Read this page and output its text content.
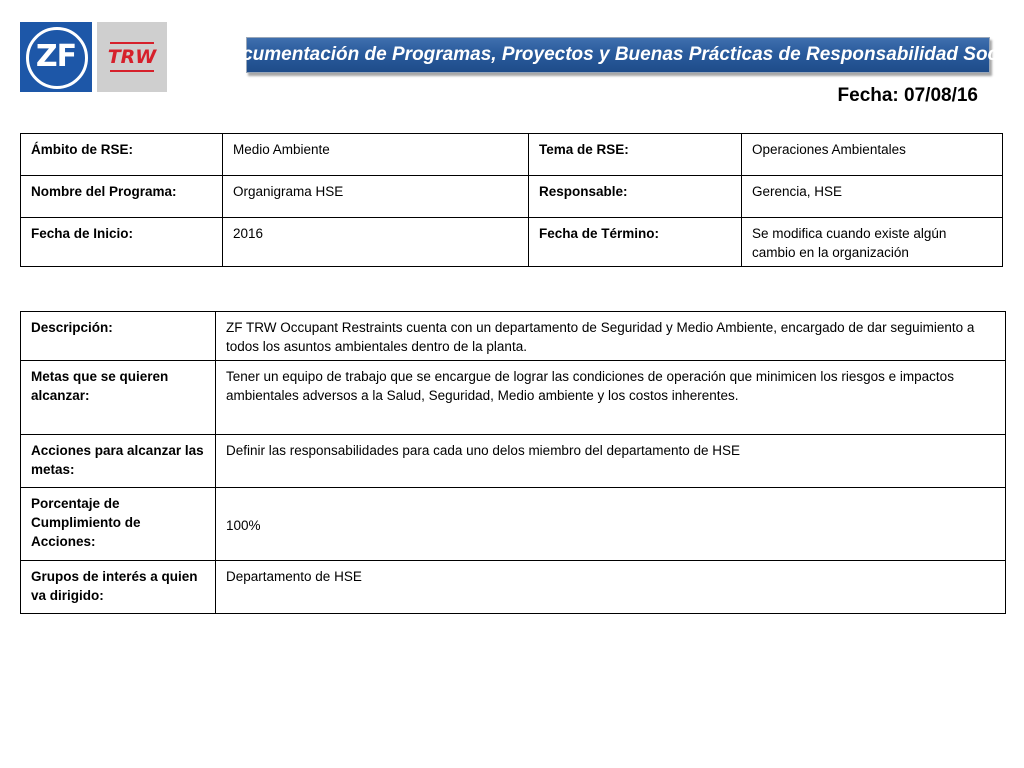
ZF	TRW	Documentación de Programas, Proyectos y Buenas Prácticas de Responsabilidad Social
Fecha: 07/08/16
Ámbito de RSE:	Medio Ambiente	Tema de RSE:	Operaciones Ambientales
Nombre del Programa:	Organigrama HSE	Responsable:	Gerencia, HSE
Fecha de Inicio:	2016	Fecha de Término:	Se modifica cuando existe algún cambio en la organización
Descripción:	ZF TRW Occupant Restraints cuenta con un departamento de Seguridad y Medio Ambiente, encargado de dar seguimiento a todos los asuntos ambientales dentro de la planta.
Metas que se quieren alcanzar:	Tener un equipo de trabajo que se encargue de lograr las condiciones de operación que minimicen los riesgos e impactos ambientales adversos a la Salud, Seguridad, Medio ambiente y los costos inherentes.
Acciones para alcanzar las metas:	Definir las responsabilidades para cada uno delos miembro del departamento de HSE
Porcentaje de Cumplimiento de Acciones:	100%
Grupos de interés a quien va dirigido:	Departamento de HSE
